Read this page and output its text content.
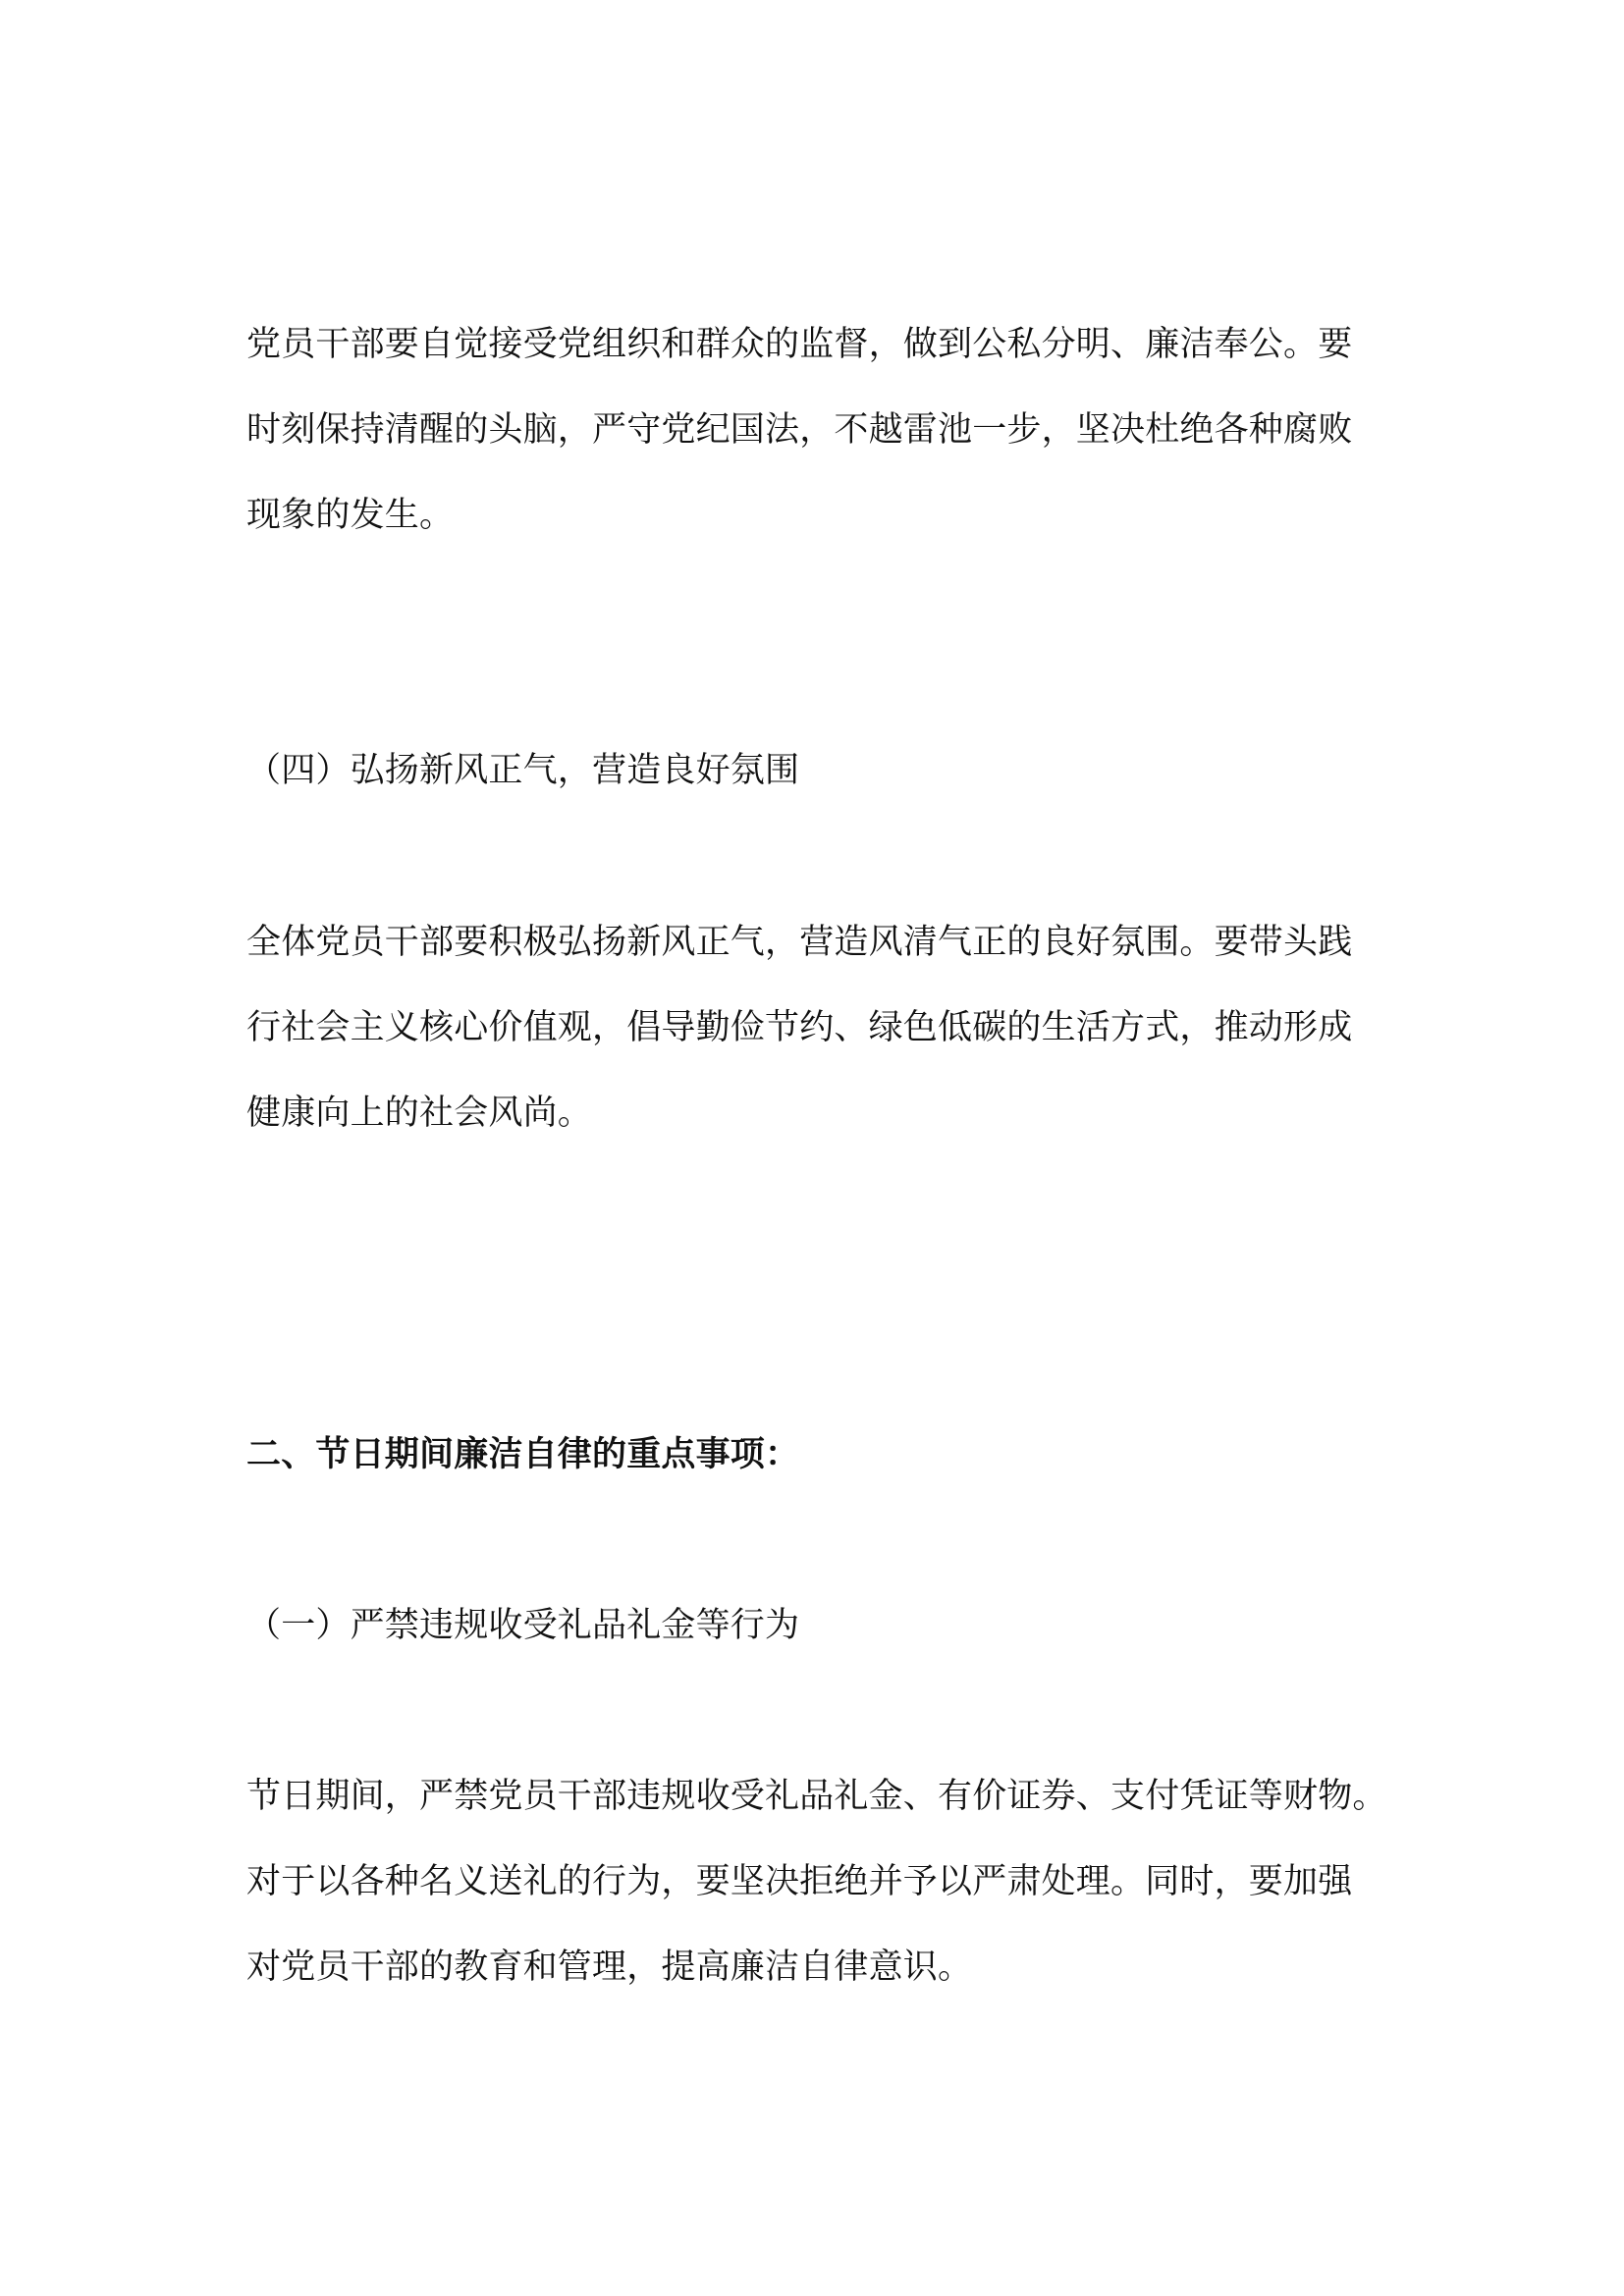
党员干部要自觉接受党组织和群众的监督，做到公私分明、廉洁奉公。要
时刻保持清醒的头脑，严守党纪国法，不越雷池一步，坚决杜绝各种腐败
现象的发生。
（四）弘扬新风正气，营造良好氛围
全体党员干部要积极弘扬新风正气，营造风清气正的良好氛围。要带头践
行社会主义核心价值观，倡导勤俭节约、绿色低碳的生活方式，推动形成
健康向上的社会风尚。
二、节日期间廉洁自律的重点事项：
（一）严禁违规收受礼品礼金等行为
节日期间，严禁党员干部违规收受礼品礼金、有价证券、支付凭证等财物。
对于以各种名义送礼的行为，要坚决拒绝并予以严肃处理。同时，要加强
对党员干部的教育和管理，提高廉洁自律意识。
